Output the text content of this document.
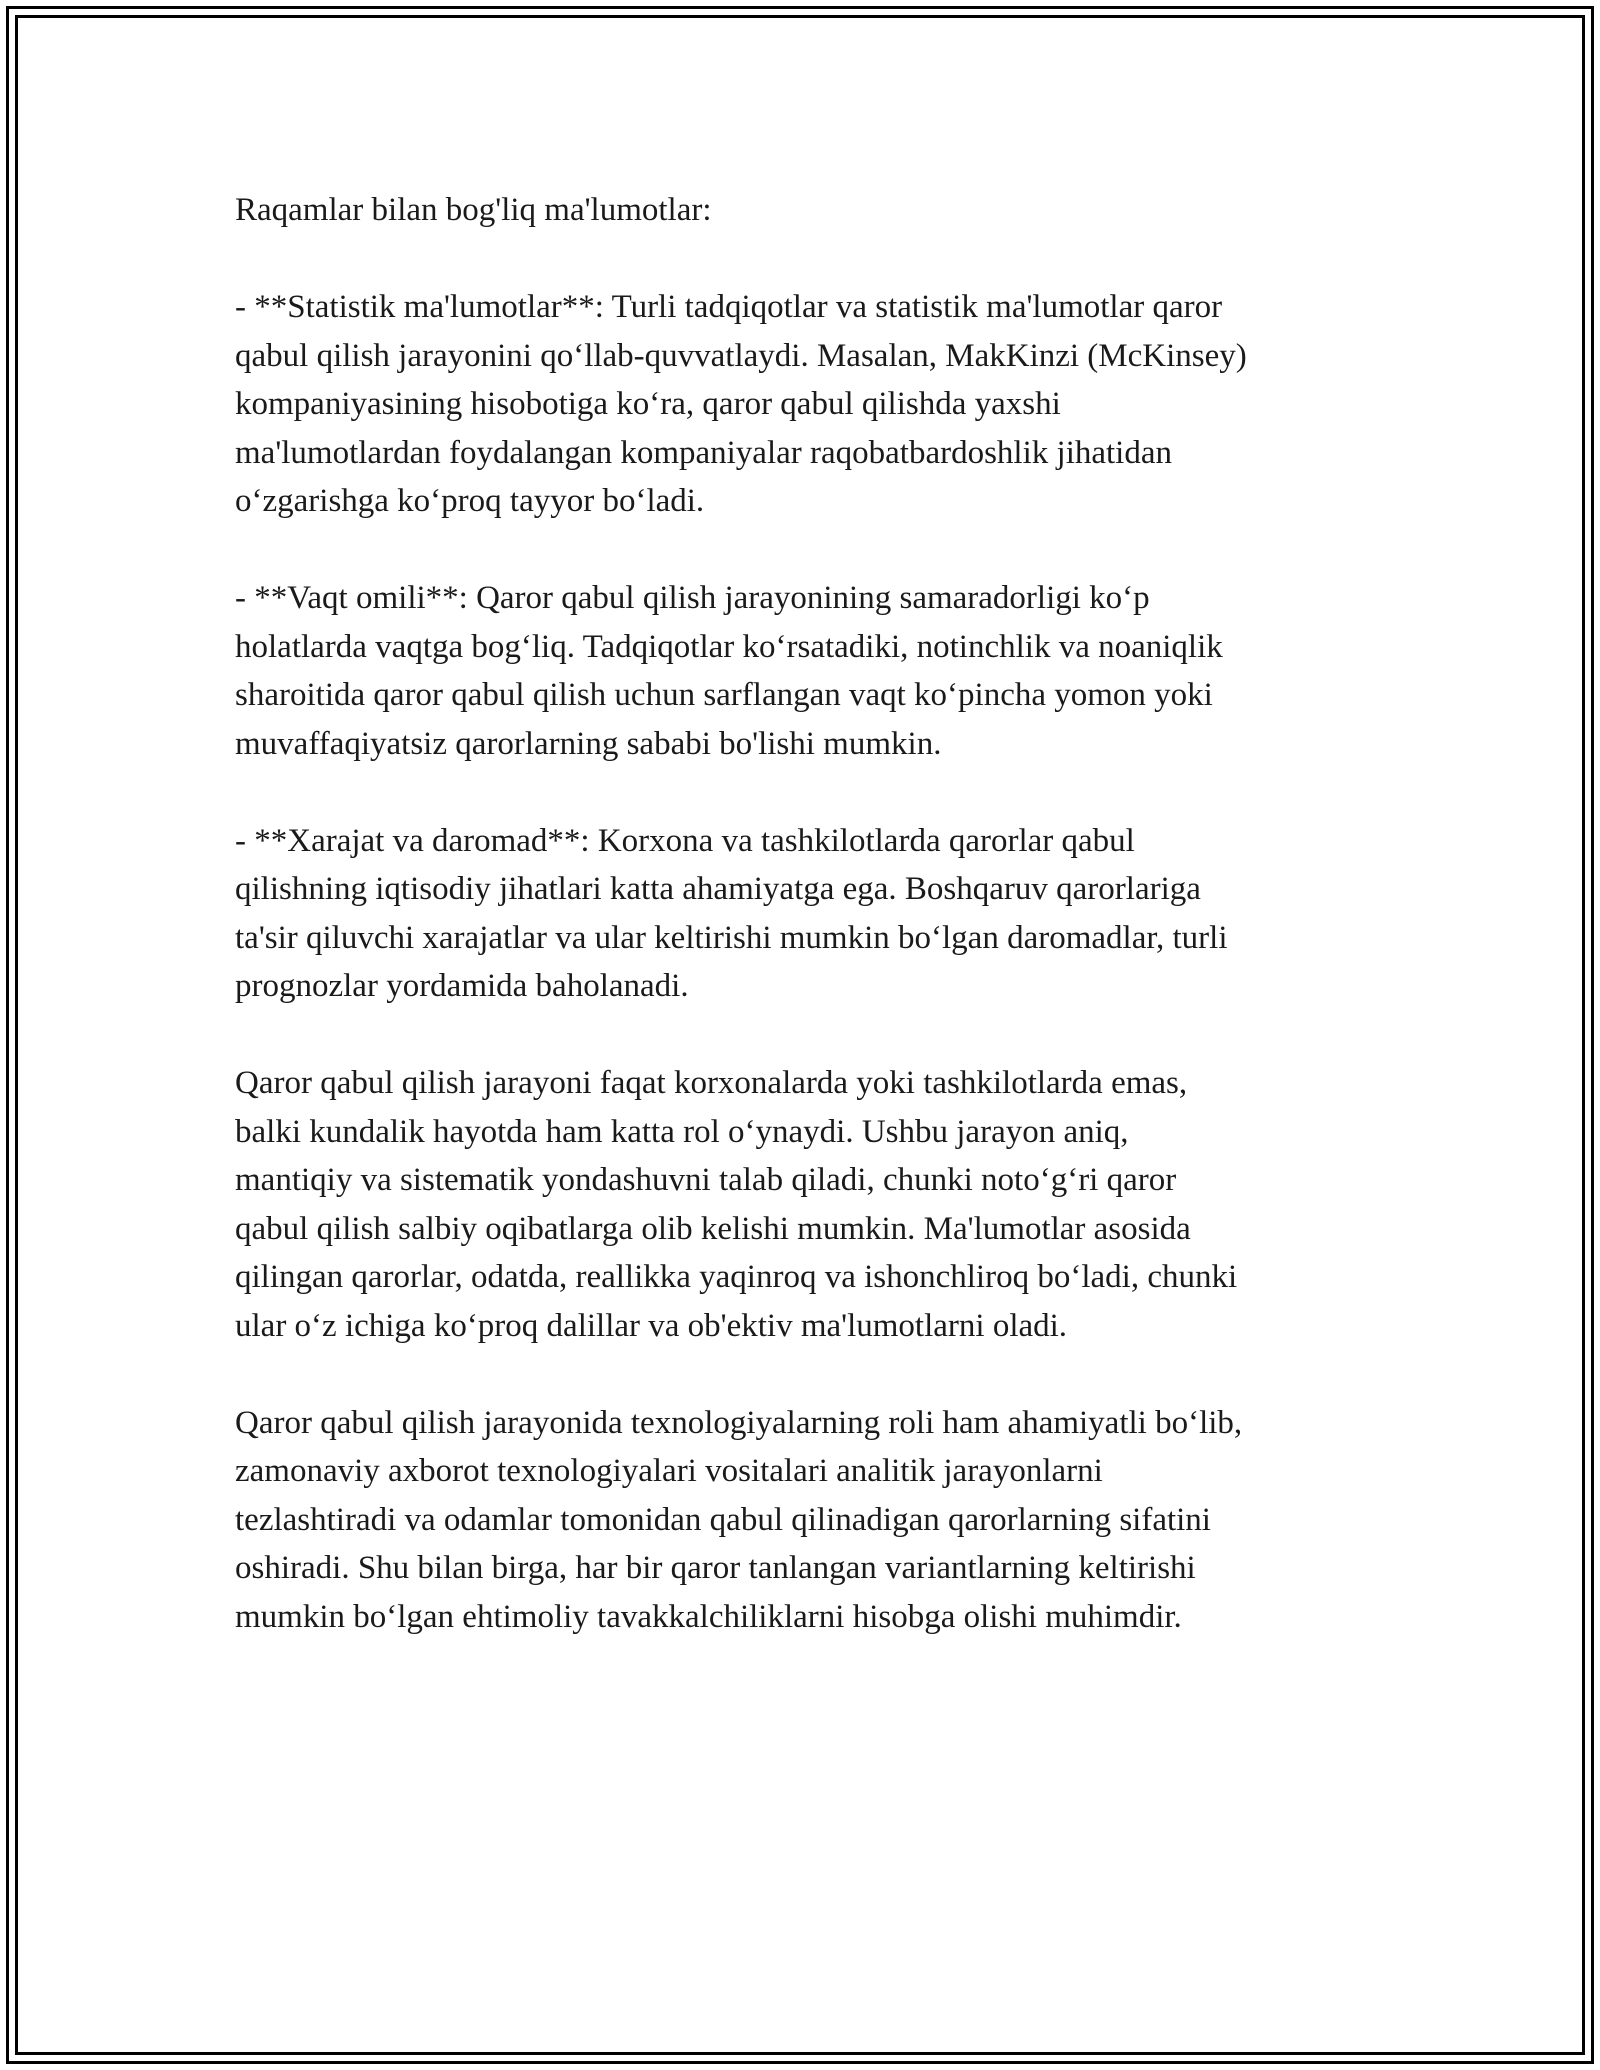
Raqamlar bilan bog'liq ma'lumotlar:

- **Statistik ma'lumotlar**: Turli tadqiqotlar va statistik ma'lumotlar qaror
qabul qilish jarayonini qo‘llab-quvvatlaydi. Masalan, MakKinzi (McKinsey)
kompaniyasining hisobotiga ko‘ra, qaror qabul qilishda yaxshi
ma'lumotlardan foydalangan kompaniyalar raqobatbardoshlik jihatidan
o‘zgarishga ko‘proq tayyor bo‘ladi.

- **Vaqt omili**: Qaror qabul qilish jarayonining samaradorligi ko‘p
holatlarda vaqtga bog‘liq. Tadqiqotlar ko‘rsatadiki, notinchlik va noaniqlik
sharoitida qaror qabul qilish uchun sarflangan vaqt ko‘pincha yomon yoki
muvaffaqiyatsiz qarorlarning sababi bo'lishi mumkin.

- **Xarajat va daromad**: Korxona va tashkilotlarda qarorlar qabul
qilishning iqtisodiy jihatlari katta ahamiyatga ega. Boshqaruv qarorlariga
ta'sir qiluvchi xarajatlar va ular keltirishi mumkin bo‘lgan daromadlar, turli
prognozlar yordamida baholanadi.

Qaror qabul qilish jarayoni faqat korxonalarda yoki tashkilotlarda emas,
balki kundalik hayotda ham katta rol o‘ynaydi. Ushbu jarayon aniq,
mantiqiy va sistematik yondashuvni talab qiladi, chunki noto‘g‘ri qaror
qabul qilish salbiy oqibatlarga olib kelishi mumkin. Ma'lumotlar asosida
qilingan qarorlar, odatda, reallikka yaqinroq va ishonchliroq bo‘ladi, chunki
ular o‘z ichiga ko‘proq dalillar va ob'ektiv ma'lumotlarni oladi.

Qaror qabul qilish jarayonida texnologiyalarning roli ham ahamiyatli bo‘lib,
zamonaviy axborot texnologiyalari vositalari analitik jarayonlarni
tezlashtiradi va odamlar tomonidan qabul qilinadigan qarorlarning sifatini
oshiradi. Shu bilan birga, har bir qaror tanlangan variantlarning keltirishi
mumkin bo‘lgan ehtimoliy tavakkalchiliklarni hisobga olishi muhimdir.
